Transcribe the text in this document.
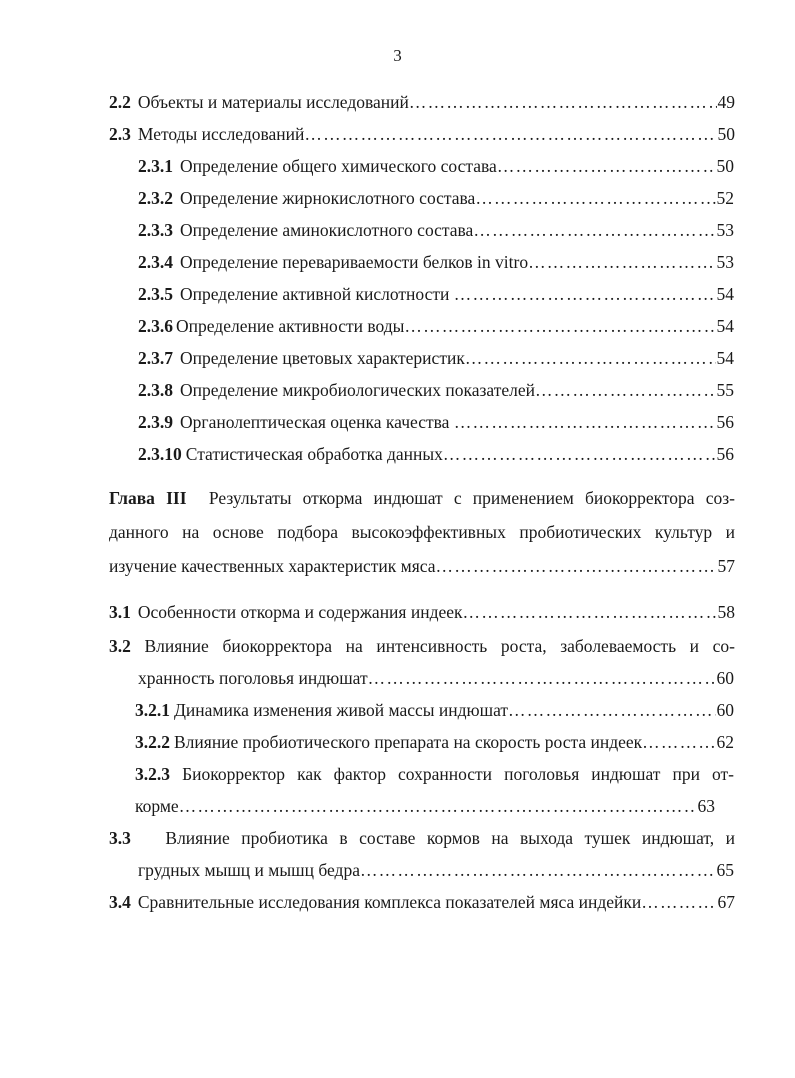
3
2.2 Объекты и материалы исследований ………………………………………………………………………………………………………………………………………………………………	49
2.3 Методы исследований ………………………………………………………………………………………………………………………………………………………………	50
2.3.1 Определение общего химического состава ………………………………………………………………………………………………………………………………………………………………	50
2.3.2 Определение жирнокислотного состава ………………………………………………………………………………………………………………………………………………………………	52
2.3.3 Определение аминокислотного состава ………………………………………………………………………………………………………………………………………………………………	53
2.3.4 Определение перевариваемости белков in vitro ………………………………………………………………………………………………………………………………………………………………	53
2.3.5 Определение активной кислотности ………………………………………………………………………………………………………………………………………………………………	54
2.3.6 Определение активности воды ………………………………………………………………………………………………………………………………………………………………	54
2.3.7 Определение цветовых характеристик ………………………………………………………………………………………………………………………………………………………………	54
2.3.8 Определение микробиологических показателей ………………………………………………………………………………………………………………………………………………………………	55
2.3.9 Органолептическая оценка качества ………………………………………………………………………………………………………………………………………………………………	56
2.3.10 Статистическая обработка данных ………………………………………………………………………………………………………………………………………………………………	56
Глава III Результаты откорма индюшат с применением биокорректора соз-
данного на основе подбора высокоэффективных пробиотических культур и
изучение качественных характеристик мяса ………………………………………………………………………………………………………………………………………………………………	57
3.1 Особенности откорма и содержания индеек ………………………………………………………………………………………………………………………………………………………………	58
3.2 Влияние биокорректора на интенсивность роста, заболеваемость и со-
хранность поголовья индюшат ………………………………………………………………………………………………………………………………………………………………	60
3.2.1 Динамика изменения живой массы индюшат ………………………………………………………………………………………………………………………………………………………………	60
3.2.2 Влияние пробиотического препарата на скорость роста индеек ………………………………………………………………………………………………………………………………………………………………	62
3.2.3 Биокорректор как фактор сохранности поголовья индюшат при от-
корме ………………………………………………………………………………………………………………………………………………………………	63
3.3 Влияние пробиотика в составе кормов на выхода тушек индюшат, и
грудных мышц и мышц бедра ………………………………………………………………………………………………………………………………………………………………	65
3.4 Сравнительные исследования комплекса показателей мяса индейки ………………………………………………………………………………………………………………………………………………………………	67
